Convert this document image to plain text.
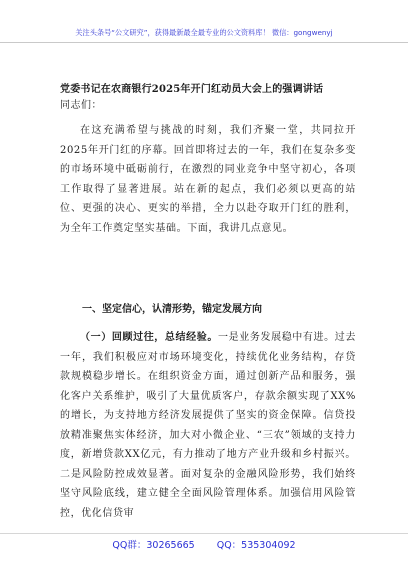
关注头条号“公文研究”，获得最新最全最专业的公文资料库！ 微信：gongwenyj
党委书记在农商银行2025年开门红动员大会上的强调讲话
同志们：
在这充满希望与挑战的时刻，我们齐聚一堂，共同拉开2025年开门红的序幕。回首即将过去的一年，我们在复杂多变的市场环境中砥砺前行，在激烈的同业竞争中坚守初心，各项工作取得了显著进展。站在新的起点，我们必须以更高的站位、更强的决心、更实的举措，全力以赴夺取开门红的胜利，为全年工作奠定坚实基础。下面，我讲几点意见。
一、坚定信心，认清形势，锚定发展方向
（一）回顾过往，总结经验。一是业务发展稳中有进。过去一年，我们积极应对市场环境变化，持续优化业务结构，存贷款规模稳步增长。在组织资金方面，通过创新产品和服务，强化客户关系维护，吸引了大量优质客户，存款余额实现了XX%的增长，为支持地方经济发展提供了坚实的资金保障。信贷投放精准聚焦实体经济，加大对小微企业、“三农”领域的支持力度，新增贷款XX亿元，有力推动了地方产业升级和乡村振兴。二是风险防控成效显著。面对复杂的金融风险形势，我们始终坚守风险底线，建立健全全面风险管理体系。加强信用风险管控，优化信贷审
QQ群：30265665 QQ：535304092
